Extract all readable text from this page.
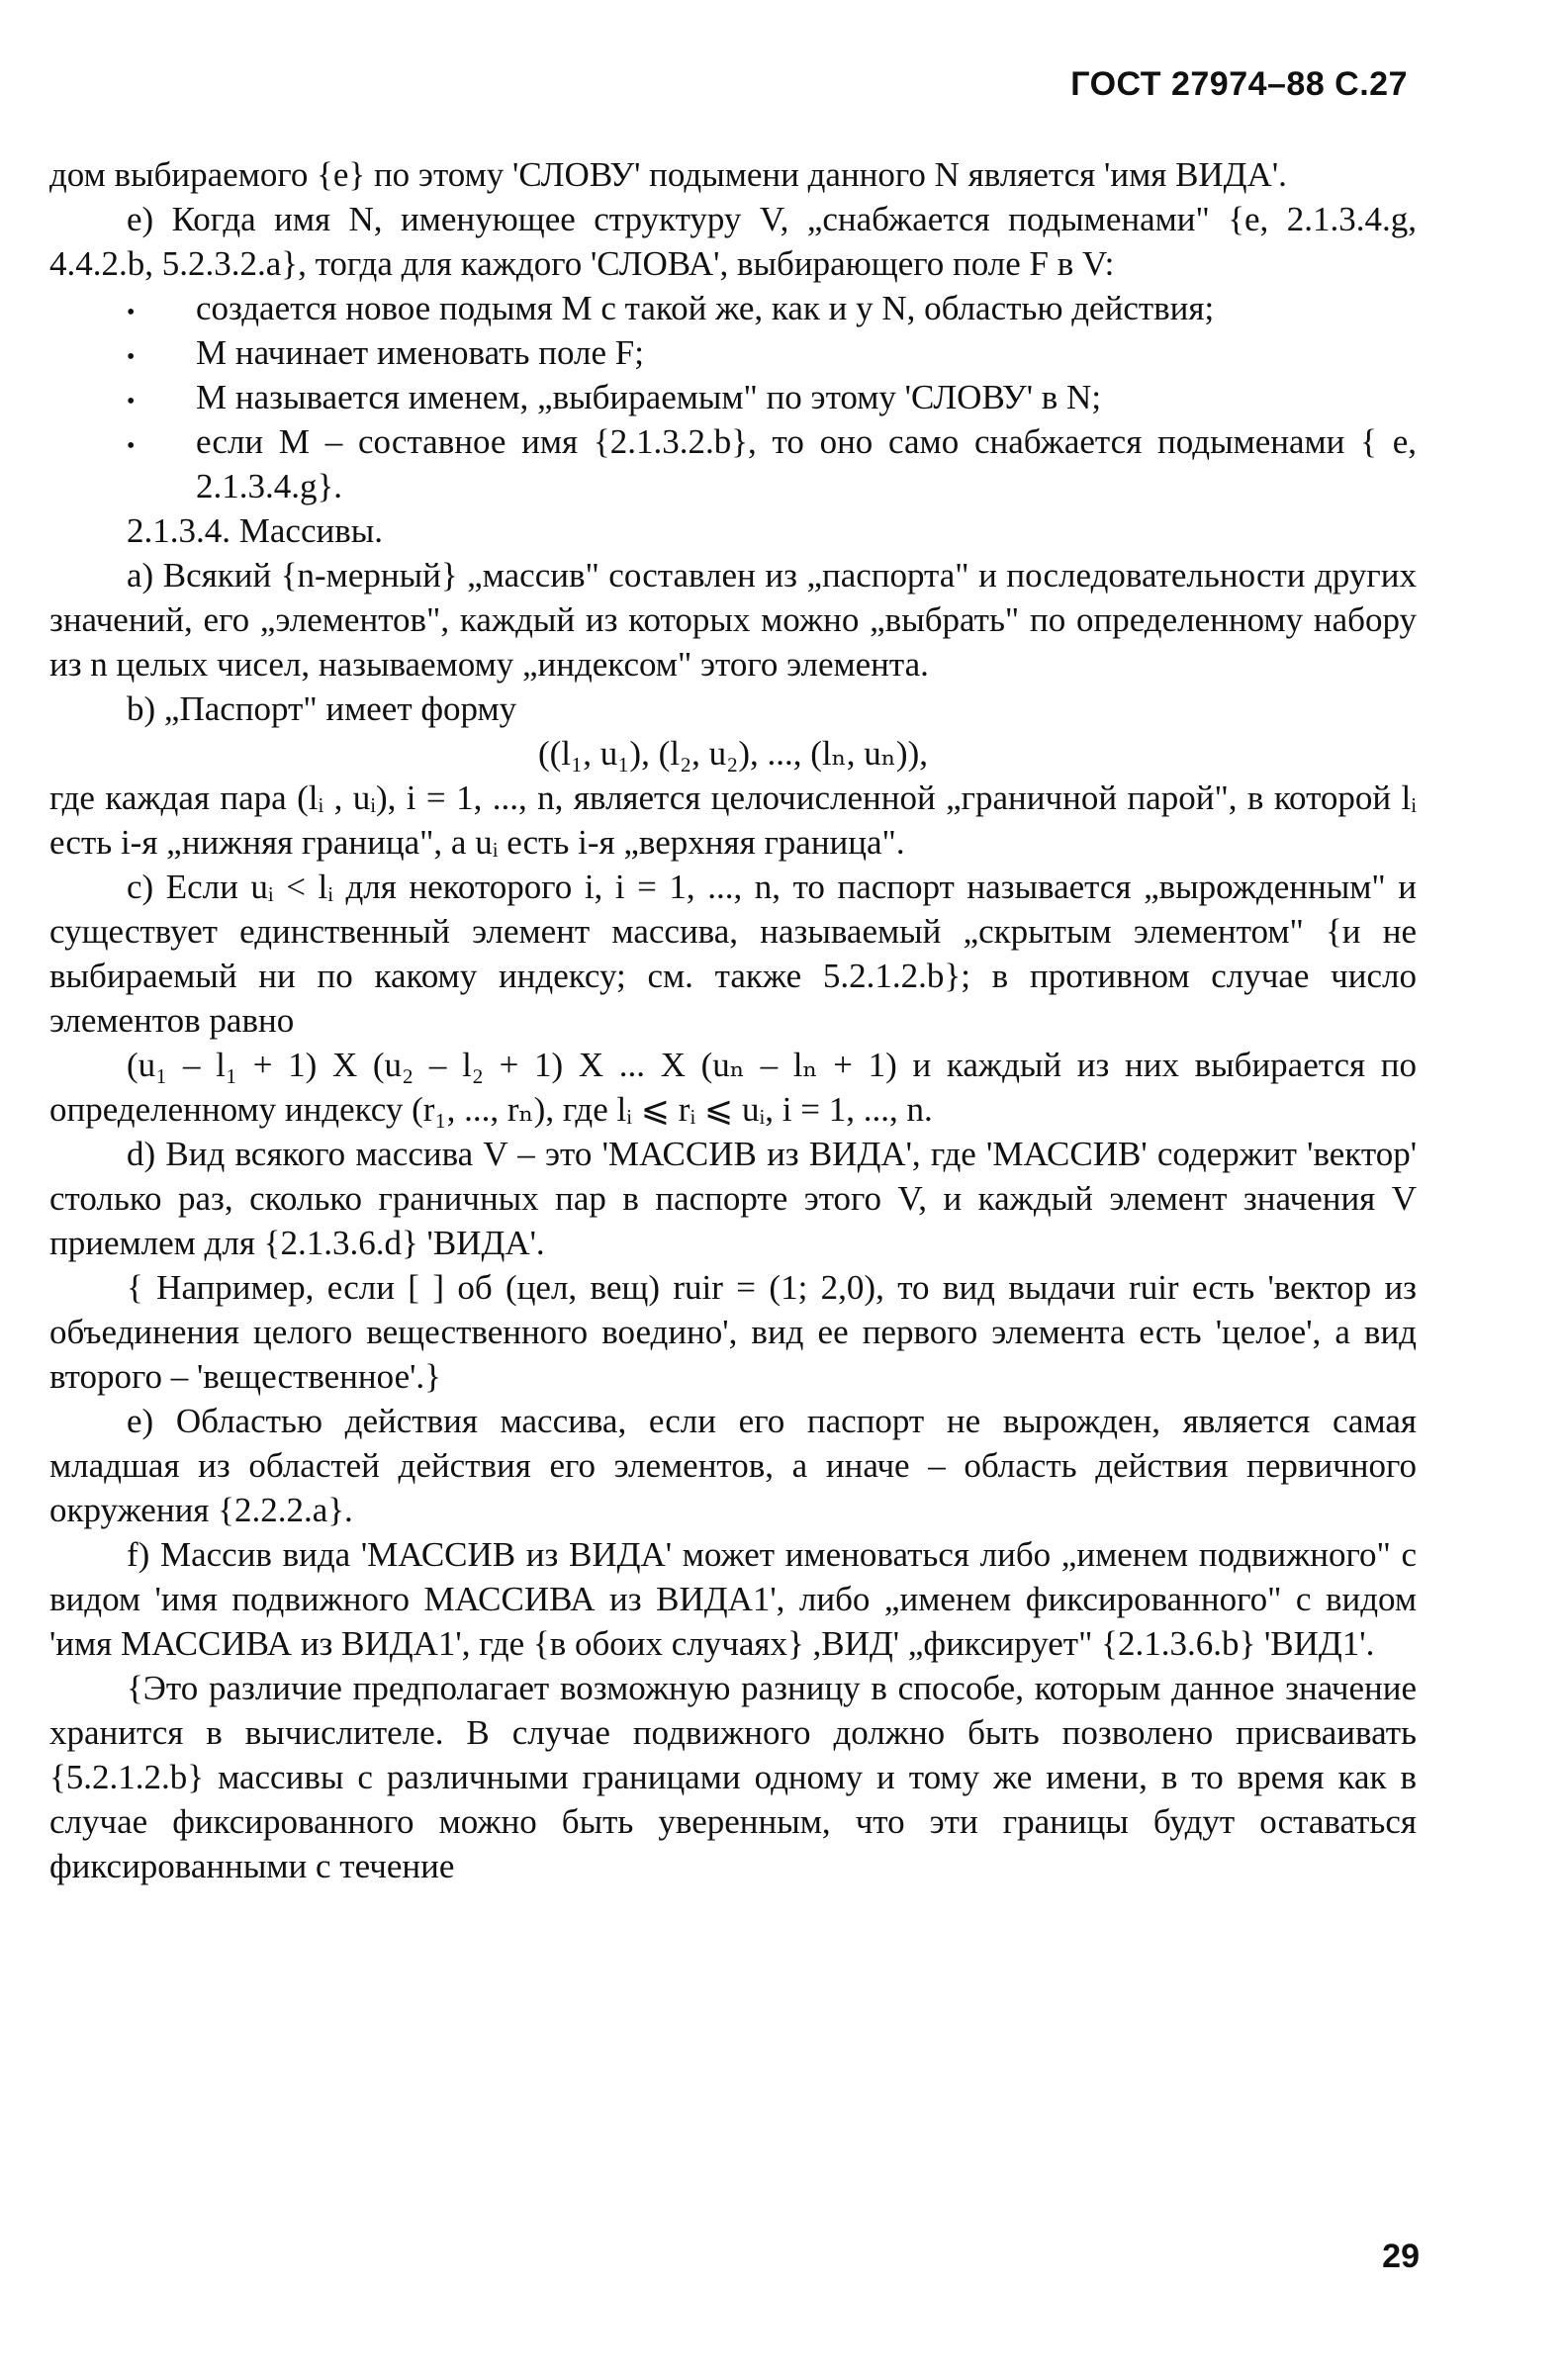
ГОСТ 27974–88 С.27

дом выбираемого {e} по этому 'СЛОВУ' подымени данного N является 'имя ВИДА'.

е) Когда имя N, именующее структуру V, „снабжается подыменами" {e, 2.1.3.4.g, 4.4.2.b, 5.2.3.2.a}, тогда для каждого 'СЛОВА', выбирающего поле F в V:

•
создается новое подымя М с такой же, как и у N, областью действия;
•
М начинает именовать поле F;
•
М называется именем, „выбираемым" по этому 'СЛОВУ' в N;
•
если М – составное имя {2.1.3.2.b}, то оно само снабжается подыменами { e, 2.1.3.4.g}.

2.1.3.4. Массивы.

а) Всякий {n-мерный} „массив" составлен из „паспорта" и последовательности других значений, его „элементов", каждый из которых можно „выбрать" по определенному набору из n целых чисел, называемому „индексом" этого элемента.

b) „Паспорт" имеет форму

((l₁, u₁), (l₂, u₂), ..., (lₙ, uₙ)),

где каждая пара (lᵢ , uᵢ), i = 1, ..., n, является целочисленной „граничной парой", в которой lᵢ есть i-я „нижняя граница", а uᵢ есть i-я „верхняя граница".

с) Если uᵢ < lᵢ для некоторого i, i = 1, ..., n, то паспорт называется „вырожденным" и существует единственный элемент массива, называемый „скрытым элементом" {и не выбираемый ни по какому индексу; см. также 5.2.1.2.b}; в противном случае число элементов равно

(u₁ – l₁ + 1) X (u₂ – l₂ + 1) X ... X (uₙ – lₙ + 1) и каждый из них выбирается по определенному индексу (r₁, ..., rₙ), где lᵢ ⩽ rᵢ ⩽ uᵢ, i = 1, ..., n.

d) Вид всякого массива V – это 'МАССИВ из ВИДА', где 'МАССИВ' содержит 'вектор' столько раз, сколько граничных пар в паспорте этого V, и каждый элемент значения V приемлем для {2.1.3.6.d} 'ВИДА'.

{ Например, если [ ] об (цел, вещ) ruir = (1; 2,0), то вид выдачи ruir есть 'вектор из объединения целого вещественного воедино', вид ее первого элемента есть 'целое', а вид второго – 'вещественное'.}

е) Областью действия массива, если его паспорт не вырожден, является самая младшая из областей действия его элементов, а иначе – область действия первичного окружения {2.2.2.a}.

f) Массив вида 'МАССИВ из ВИДА' может именоваться либо „именем подвижного" с видом 'имя подвижного МАССИВА из ВИДА1', либо „именем фиксированного" с видом 'имя МАССИВА из ВИДА1', где {в обоих случаях} ,ВИД' „фиксирует" {2.1.3.6.b} 'ВИД1'.

{Это различие предполагает возможную разницу в способе, которым данное значение хранится в вычислителе. В случае подвижного должно быть позволено присваивать {5.2.1.2.b} массивы с различными границами одному и тому же имени, в то время как в случае фиксированного можно быть уверенным, что эти границы будут оставаться фиксированными с течение

29
